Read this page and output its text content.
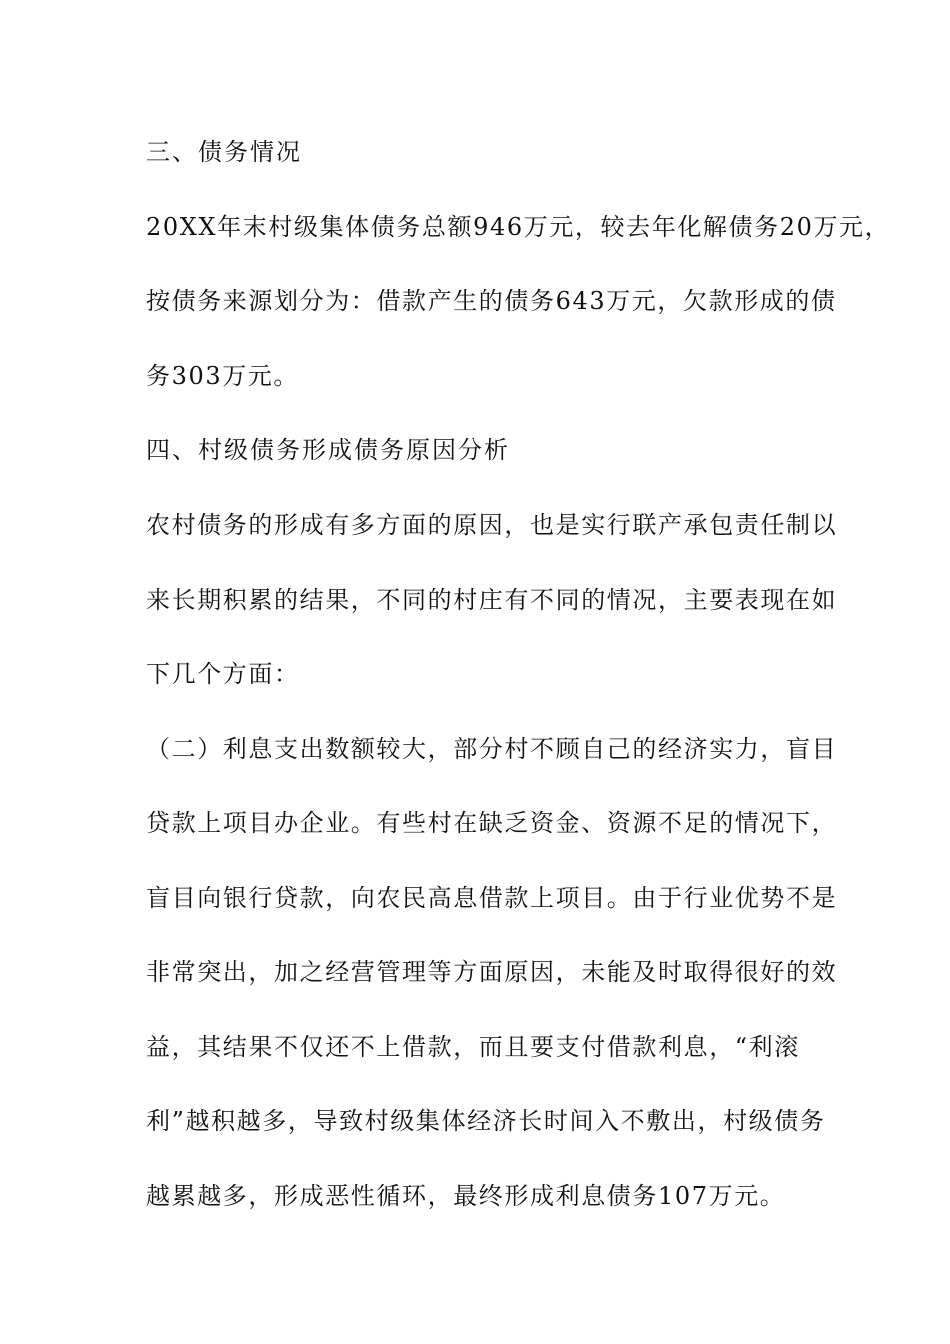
三、债务情况
20XX年末村级集体债务总额946万元，较去年化解债务20万元，
按债务来源划分为：借款产生的债务643万元，欠款形成的债
务303万元。
四、村级债务形成债务原因分析
农村债务的形成有多方面的原因，也是实行联产承包责任制以
来长期积累的结果，不同的村庄有不同的情况，主要表现在如
下几个方面：
（二）利息支出数额较大，部分村不顾自己的经济实力，盲目
贷款上项目办企业。有些村在缺乏资金、资源不足的情况下，
盲目向银行贷款，向农民高息借款上项目。由于行业优势不是
非常突出，加之经营管理等方面原因，未能及时取得很好的效
益，其结果不仅还不上借款，而且要支付借款利息，“利滚
利”越积越多，导致村级集体经济长时间入不敷出，村级债务
越累越多，形成恶性循环，最终形成利息债务107万元。
